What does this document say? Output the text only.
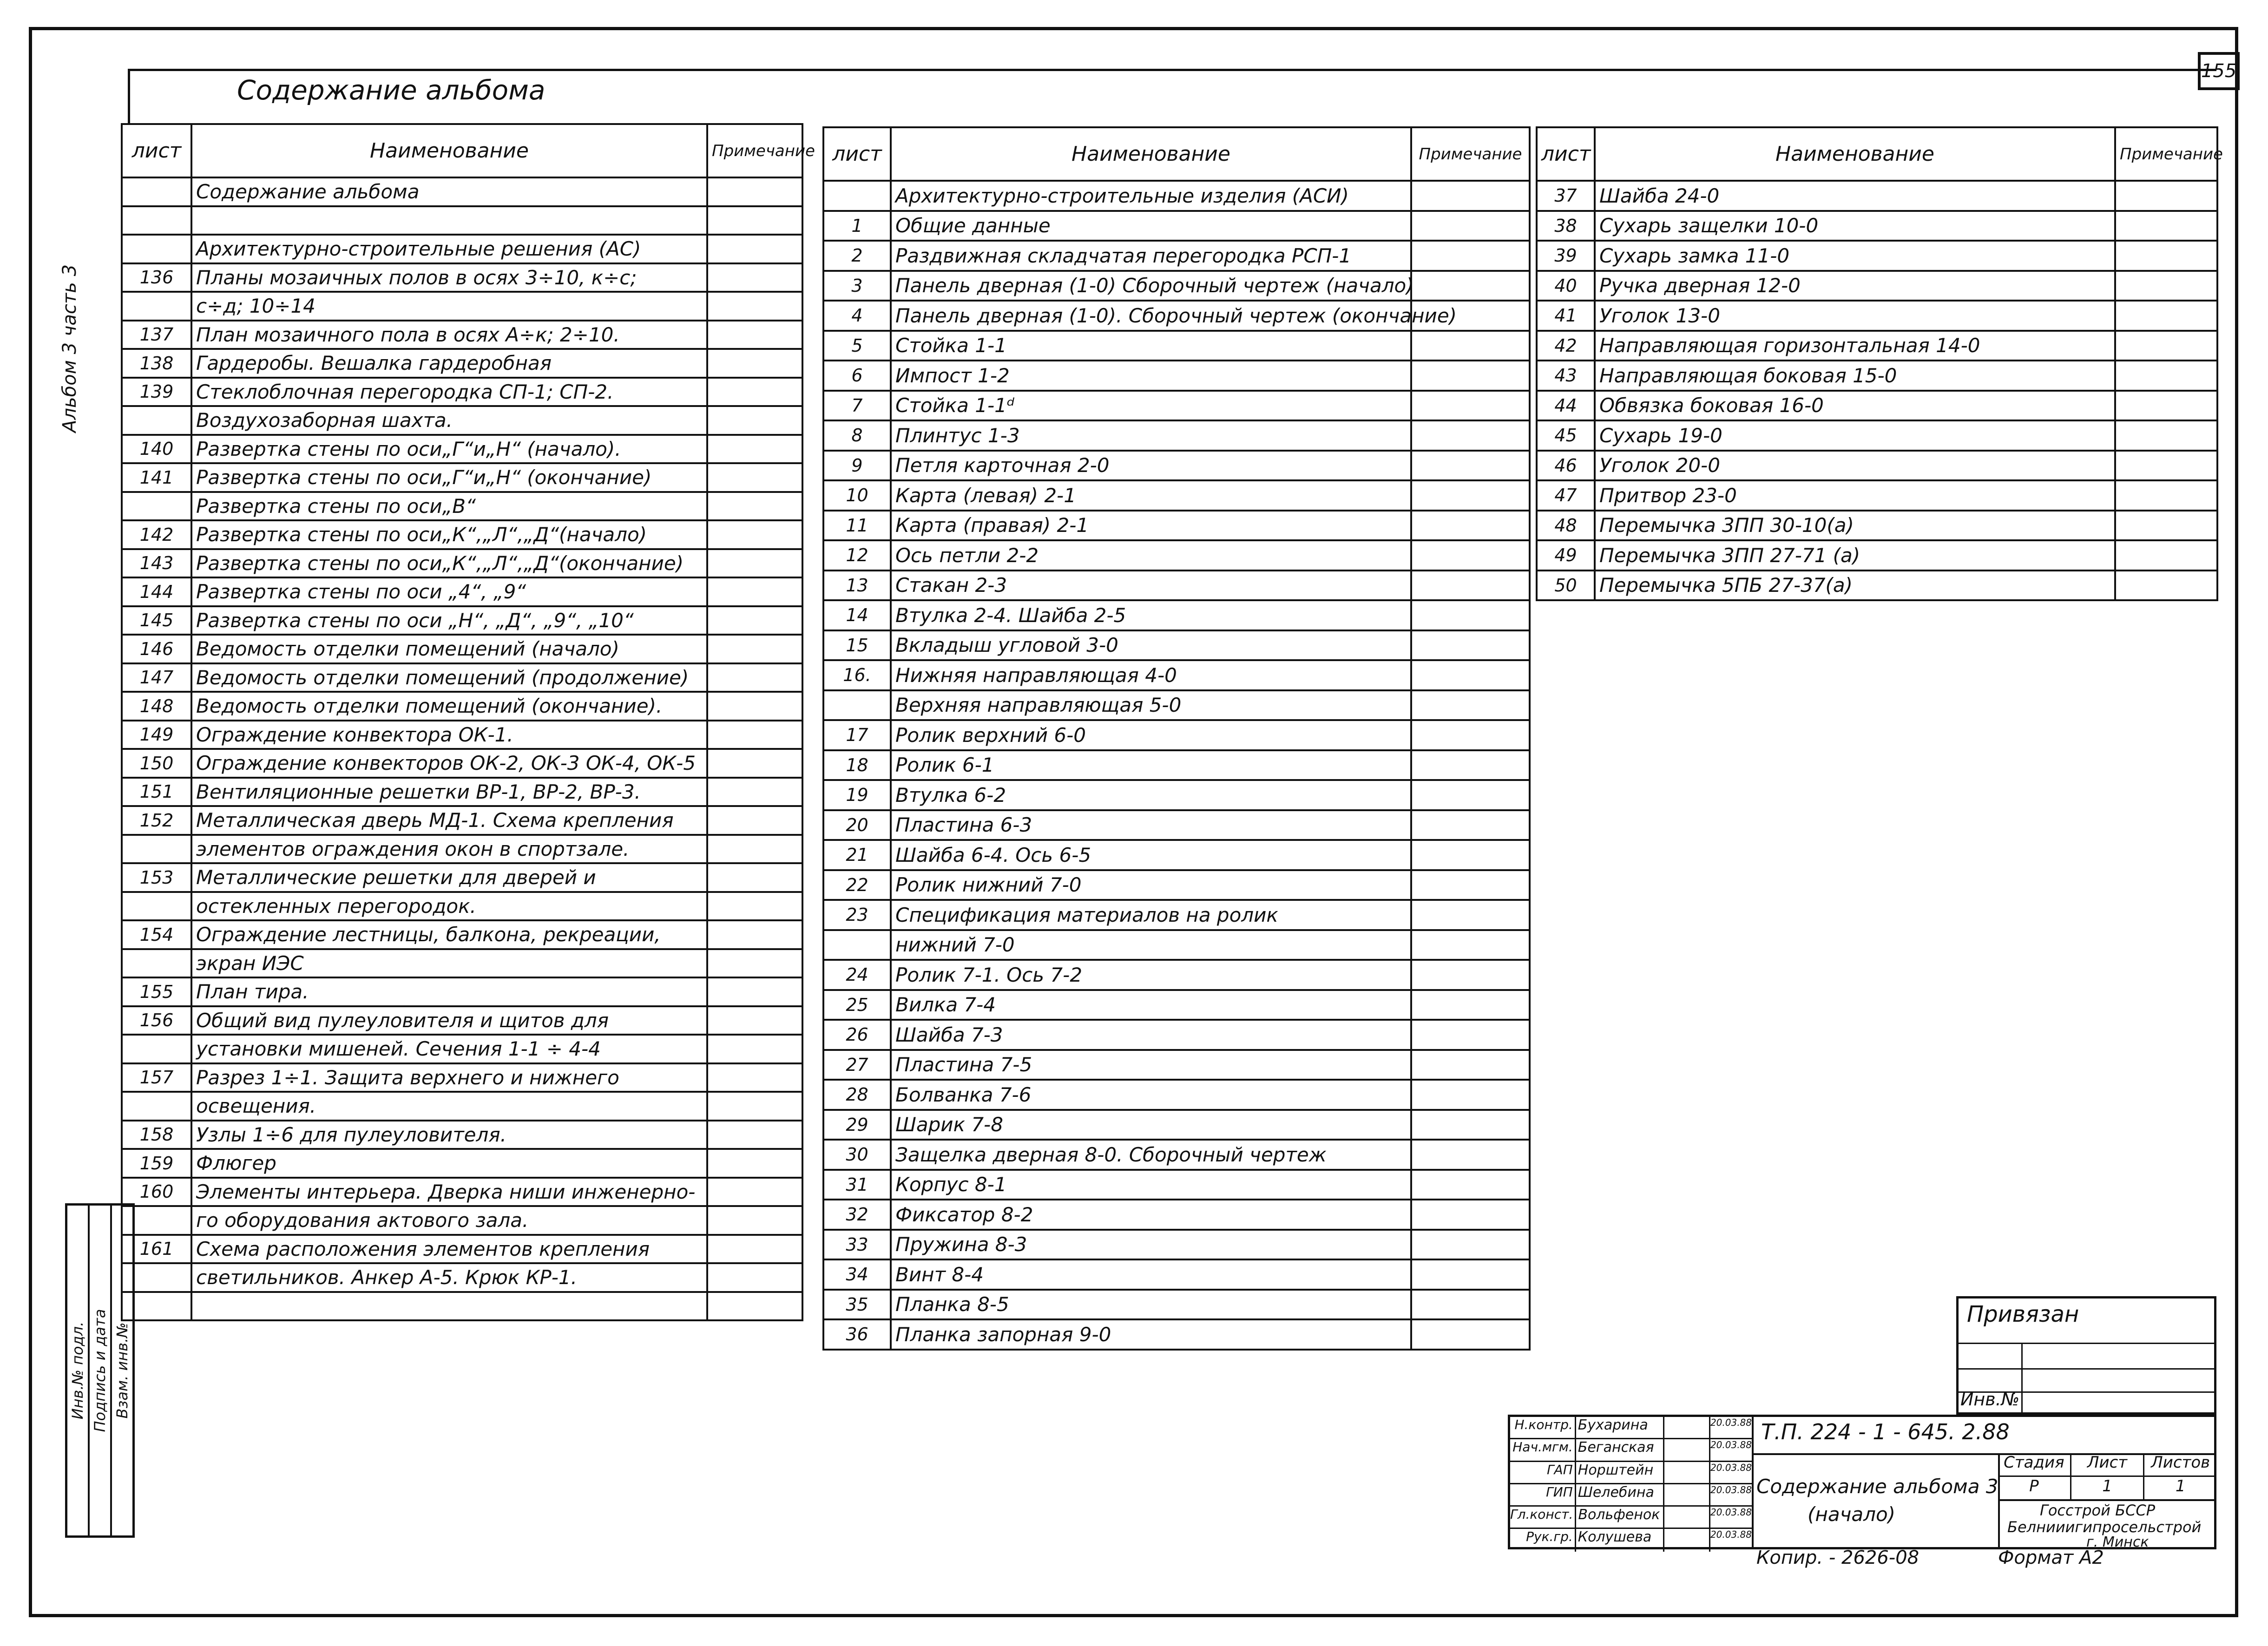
155
Альбом 3 часть 3
Содержание альбома
лист	Наименование	Примечание
	Содержание альбома	

	Архитектурно-строительные решения (АС)	
136	Планы мозаичных полов в осях 3÷10, к÷с;	
	с÷д; 10÷14	
137	План мозаичного пола в осях А÷к; 2÷10.	
138	Гардеробы. Вешалка гардеробная	
139	Стеклоблочная перегородка СП-1; СП-2.	
	Воздухозаборная шахта.	
140	Развертка стены по оси„Г“и„Н“ (начало).	
141	Развертка стены по оси„Г“и„Н“ (окончание)	
	Развертка стены по оси„В“	
142	Развертка стены по оси„К“,„Л“,„Д“(начало)	
143	Развертка стены по оси„К“,„Л“,„Д“(окончание)	
144	Развертка стены по оси „4“, „9“	
145	Развертка стены по оси „Н“, „Д“, „9“, „10“	
146	Ведомость отделки помещений (начало)	
147	Ведомость отделки помещений (продолжение)	
148	Ведомость отделки помещений (окончание).	
149	Ограждение конвектора ОК-1.	
150	Ограждение конвекторов ОК-2, ОК-3 ОК-4, ОК-5	
151	Вентиляционные решетки ВР-1, ВР-2, ВР-3.	
152	Металлическая дверь МД-1. Схема крепления	
	элементов ограждения окон в спортзале.	
153	Металлические решетки для дверей и	
	остекленных перегородок.	
154	Ограждение лестницы, балкона, рекреации,	
	экран ИЭС	
155	План тира.	
156	Общий вид пулеуловителя и щитов для	
	установки мишеней. Сечения 1-1 ÷ 4-4	
157	Разрез 1÷1. Защита верхнего и нижнего	
	освещения.	
158	Узлы 1÷6 для пулеуловителя.	
159	Флюгер	
160	Элементы интерьера. Дверка ниши инженерно-	
	го оборудования актового зала.	
161	Схема расположения элементов крепления	
	светильников. Анкер А-5. Крюк КР-1.	

лист	Наименование	Примечание
	Архитектурно-строительные изделия (АСИ)	
1	Общие данные	
2	Раздвижная складчатая перегородка РСП-1	
3	Панель дверная (1-0) Сборочный чертеж (начало)	
4	Панель дверная (1-0). Сборочный чертеж (окончание)	
5	Стойка 1-1	
6	Импост 1-2	
7	Стойка 1-1ᵈ	
8	Плинтус 1-3	
9	Петля карточная 2-0	
10	Карта (левая) 2-1	
11	Карта (правая) 2-1	
12	Ось петли 2-2	
13	Стакан 2-3	
14	Втулка 2-4. Шайба 2-5	
15	Вкладыш угловой 3-0	
16.	Нижняя направляющая 4-0	
	Верхняя направляющая 5-0	
17	Ролик верхний 6-0	
18	Ролик 6-1	
19	Втулка 6-2	
20	Пластина 6-3	
21	Шайба 6-4. Ось 6-5	
22	Ролик нижний 7-0	
23	Спецификация материалов на ролик	
	нижний 7-0	
24	Ролик 7-1. Ось 7-2	
25	Вилка 7-4	
26	Шайба 7-3	
27	Пластина 7-5	
28	Болванка 7-6	
29	Шарик 7-8	
30	Защелка дверная 8-0. Сборочный чертеж	
31	Корпус 8-1	
32	Фиксатор 8-2	
33	Пружина 8-3	
34	Винт 8-4	
35	Планка 8-5	
36	Планка запорная 9-0	
лист	Наименование	Примечание
37	Шайба 24-0	
38	Сухарь защелки 10-0	
39	Сухарь замка 11-0	
40	Ручка дверная 12-0	
41	Уголок 13-0	
42	Направляющая горизонтальная 14-0	
43	Направляющая боковая 15-0	
44	Обвязка боковая 16-0	
45	Сухарь 19-0	
46	Уголок 20-0	
47	Притвор 23-0	
48	Перемычка 3ПП 30-10(а)	
49	Перемычка 3ПП 27-71 (а)	
50	Перемычка 5ПБ 27-37(а)	
Инв.№ подл. Подпись и дата Взам. инв.№
Привязан
Инв.№
Н.контр. Бухарина	20.03.88
Нач.мгм. Беганская	20.03.88
ГАП Норштейн	20.03.88
ГИП Шелебина	20.03.88
Гл.конст. Вольфенок	20.03.88
Рук.гр. Колушева	20.03.88
Т.П. 224 - 1 - 645. 2.88
Содержание альбома 3
(начало)
Стадия	Лист	Листов
Р	1	1
Госстрой БССР
Белнииигипросельстрой
г. Минск
Копир. - 2626-08	Формат А2
